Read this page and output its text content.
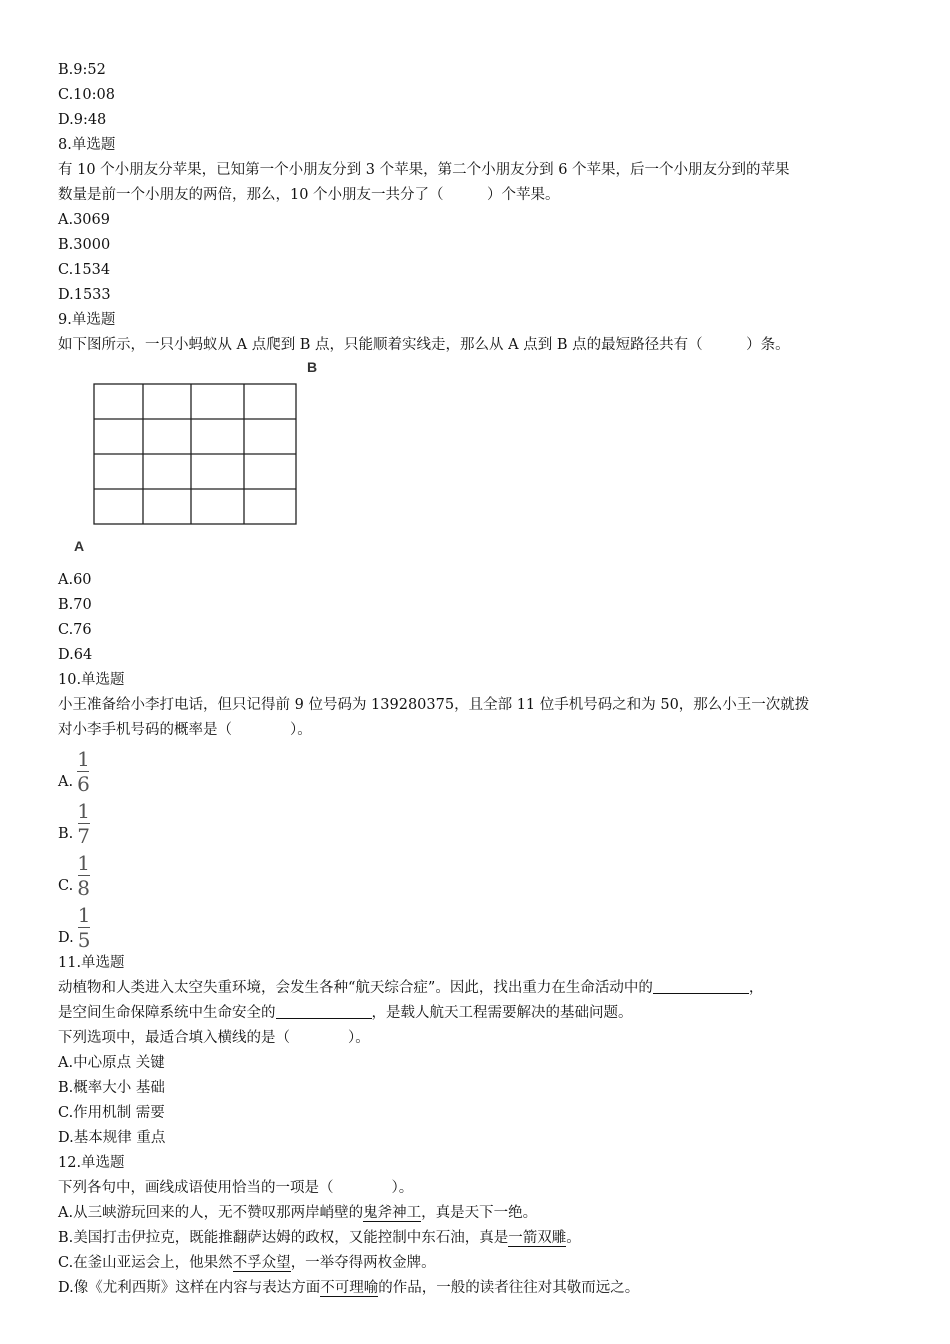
B.9:52
C.10:08
D.9:48
8.单选题
有 10 个小朋友分苹果，已知第一个小朋友分到 3 个苹果，第二个小朋友分到 6 个苹果，后一个小朋友分到的苹果
数量是前一个小朋友的两倍，那么，10 个小朋友一共分了（　　　）个苹果。
A.3069
B.3000
C.1534
D.1533
9.单选题
如下图所示，一只小蚂蚁从 A 点爬到 B 点，只能顺着实线走，那么从 A 点到 B 点的最短路径共有（　　　）条。
B
A
A.60
B.70
C.76
D.64
10.单选题
小王准备给小李打电话，但只记得前 9 位号码为 139280375，且全部 11 位手机号码之和为 50，那么小王一次就拨
对小李手机号码的概率是（　　　　）。
A. $\frac{1}{6}$
B. $\frac{1}{7}$
C. $\frac{1}{8}$
D. $\frac{1}{5}$
11.单选题
动植物和人类进入太空失重环境，会发生各种“航天综合症”。因此，找出重力在生命活动中的	，
是空间生命保障系统中生命安全的	，是载人航天工程需要解决的基础问题。
下列选项中，最适合填入横线的是（　　　　）。
A.中心原点 关键
B.概率大小 基础
C.作用机制 需要
D.基本规律 重点
12.单选题
下列各句中，画线成语使用恰当的一项是（　　　　）。
A.从三峡游玩回来的人，无不赞叹那两岸峭壁的鬼斧神工，真是天下一绝。
B.美国打击伊拉克，既能推翻萨达姆的政权，又能控制中东石油，真是一箭双雕。
C.在釜山亚运会上，他果然不孚众望，一举夺得两枚金牌。
D.像《尤利西斯》这样在内容与表达方面不可理喻的作品，一般的读者往往对其敬而远之。
